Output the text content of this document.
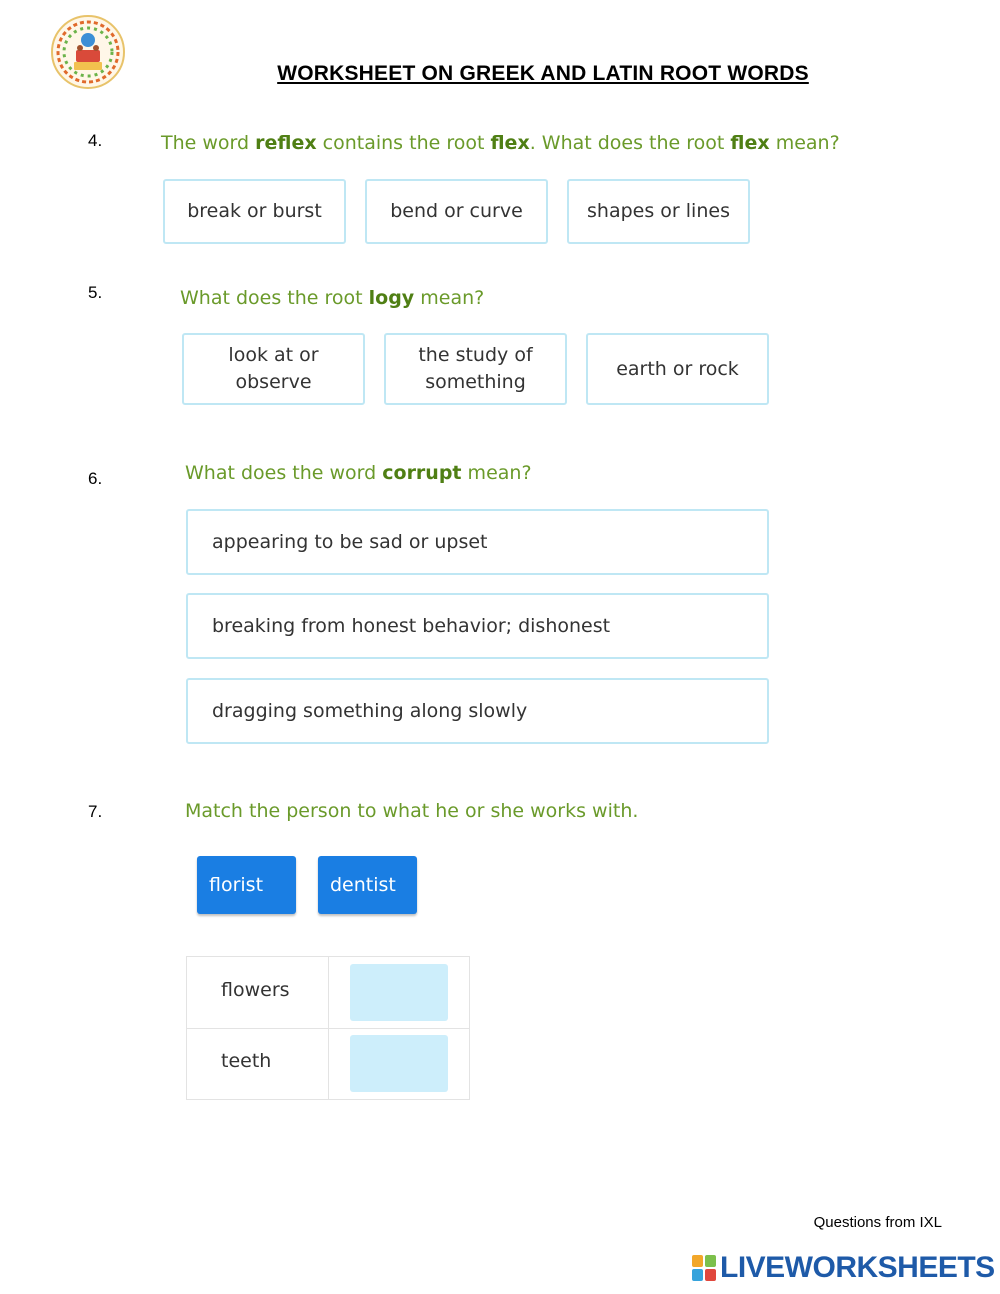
WORKSHEET ON GREEK AND LATIN ROOT WORDS
4.	The word reflex contains the root flex. What does the root flex mean?
break or burst	bend or curve	shapes or lines
5.	What does the root logy mean?
look at or
observe
the study of
something
earth or rock
6.	What does the word corrupt mean?
appearing to be sad or upset
breaking from honest behavior; dishonest
dragging something along slowly
7.	Match the person to what he or she works with.
florist	dentist
flowers
teeth
Questions from IXL
LIVEWORKSHEETS
